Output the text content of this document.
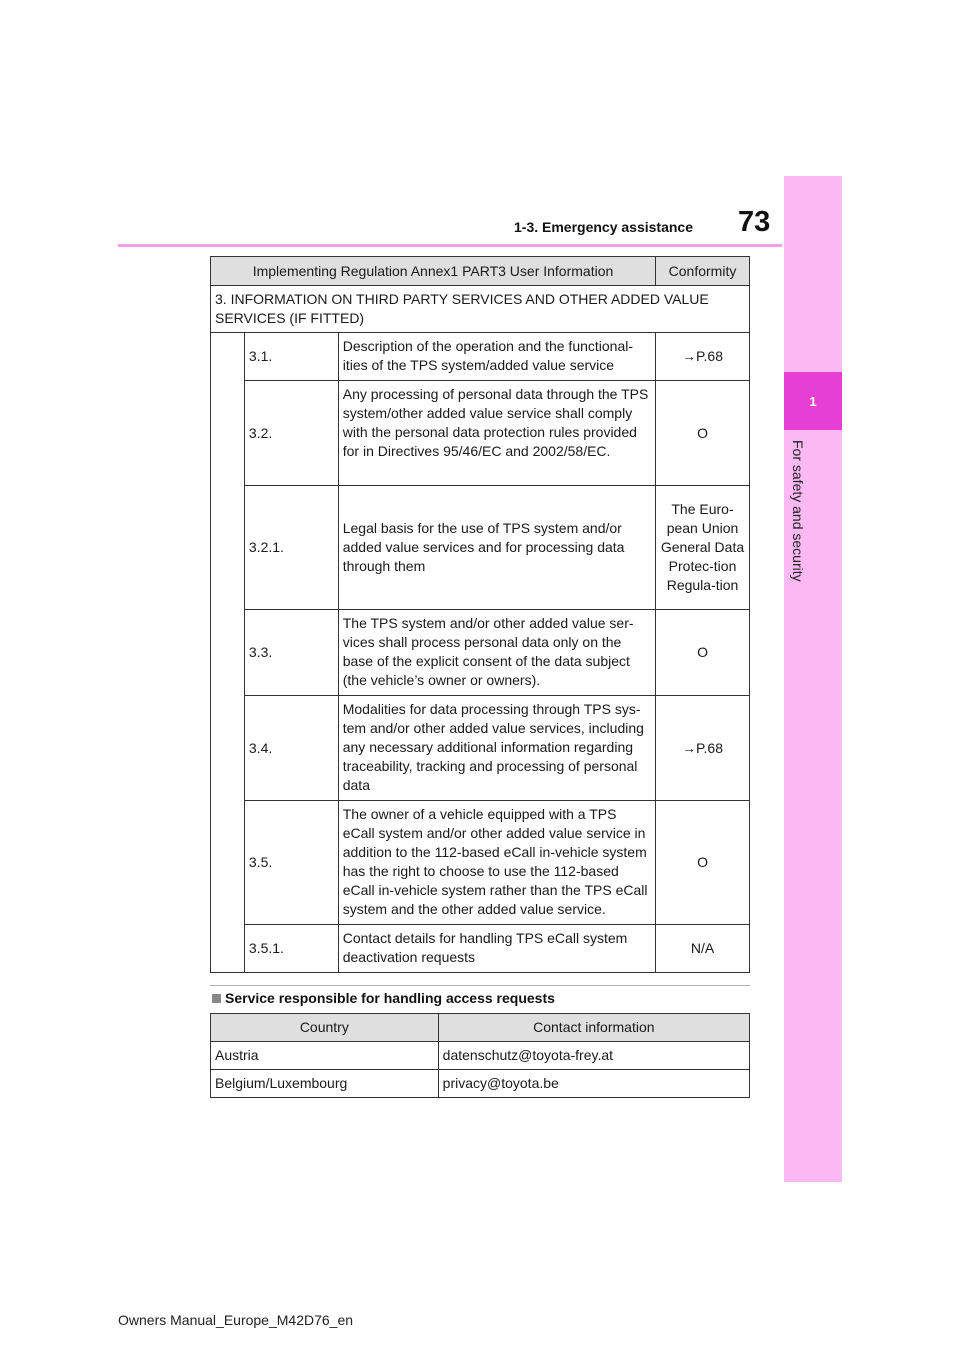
1
For safety and security
73
1-3. Emergency assistance
Implementing Regulation Annex1 PART3 User Information			Conformity
3. INFORMATION ON THIRD PARTY SERVICES AND OTHER ADDED VALUE SERVICES (IF FITTED)			
	3.1.	Description of the operation and the functional-ities of the TPS system/added value service	→P.68
	3.2.	Any processing of personal data through the TPS system/other added value service shall comply with the personal data protection rules provided for in Directives 95/46/EC and 2002/58/EC.	O
	3.2.1.	Legal basis for the use of TPS system and/or added value services and for processing data through them	The Euro-pean Union General Data Protec-tion Regula-tion
	3.3.	The TPS system and/or other added value ser-vices shall process personal data only on the base of the explicit consent of the data subject (the vehicle’s owner or owners).	O
	3.4.	Modalities for data processing through TPS sys-tem and/or other added value services, including any necessary additional information regarding traceability, tracking and processing of personal data	→P.68
	3.5.	The owner of a vehicle equipped with a TPS eCall system and/or other added value service in addition to the 112-based eCall in-vehicle system has the right to choose to use the 112-based eCall in-vehicle system rather than the TPS eCall system and the other added value service.	O
	3.5.1.	Contact details for handling TPS eCall system deactivation requests	N/A
Service responsible for handling access requests
Country	Contact information
Austria	datenschutz@toyota-frey.at
Belgium/Luxembourg	privacy@toyota.be
Owners Manual_Europe_M42D76_en
